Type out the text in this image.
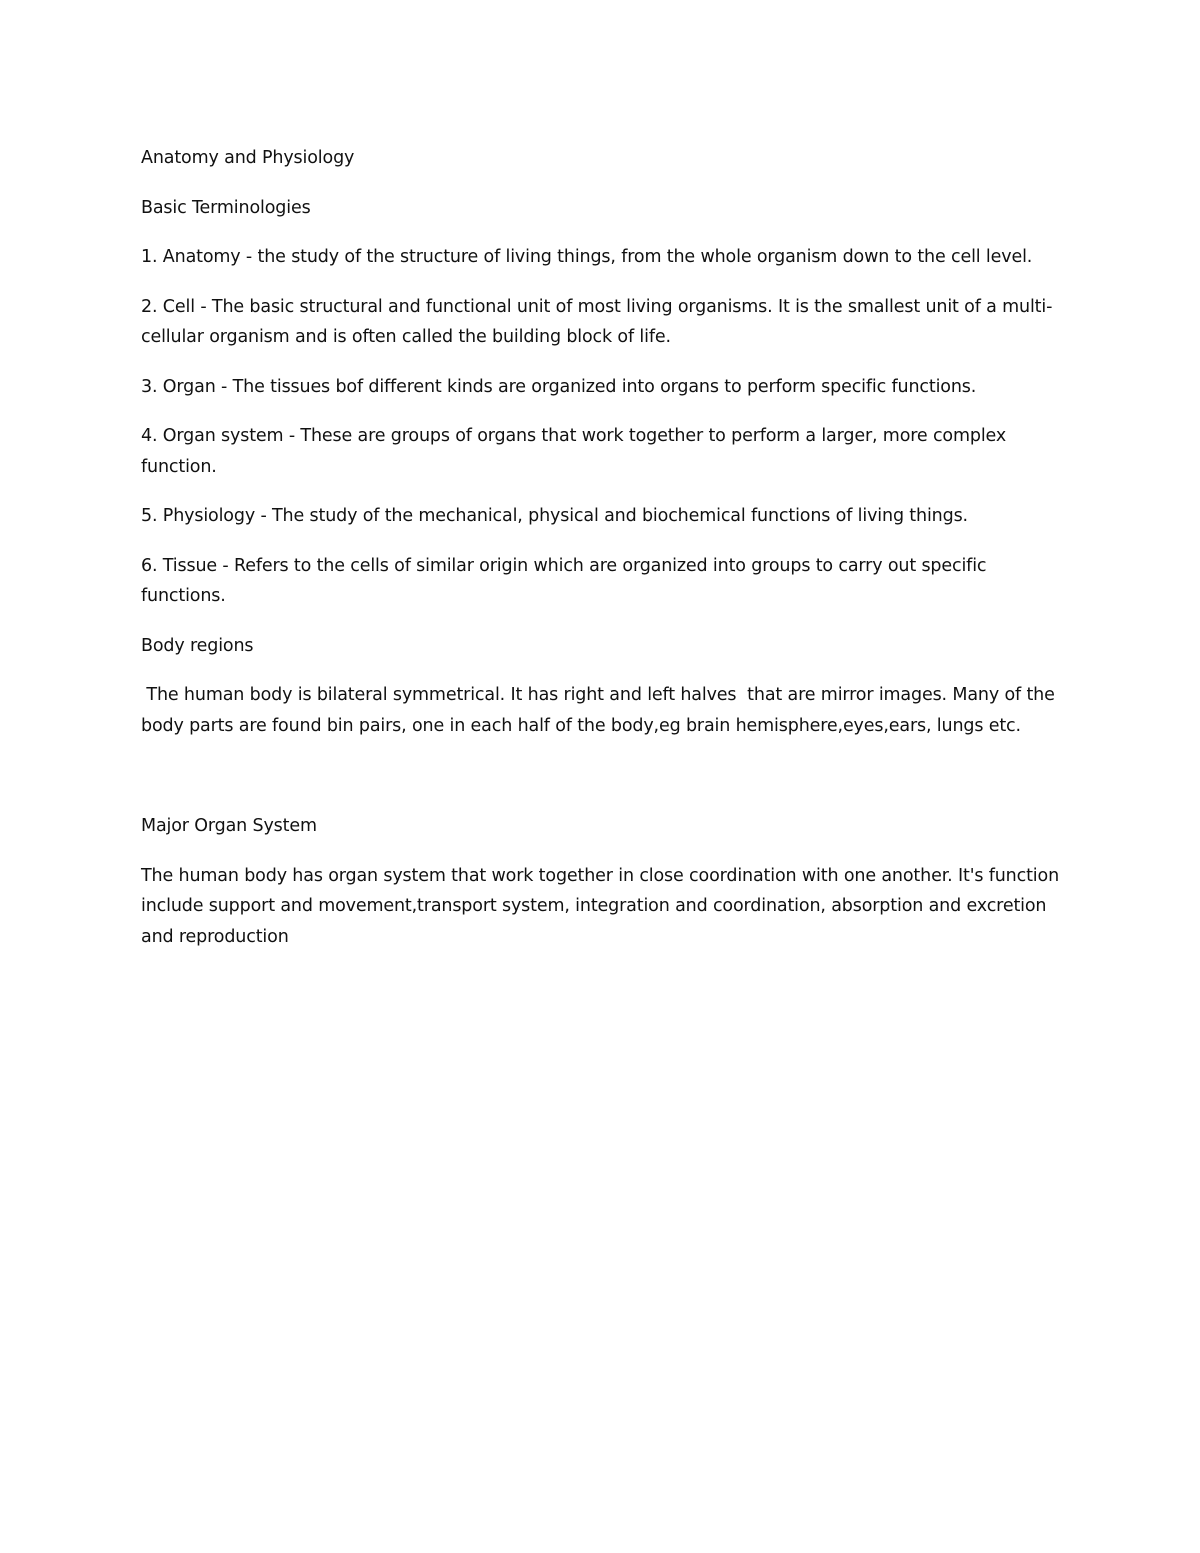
Anatomy and Physiology

Basic Terminologies

1. Anatomy - the study of the structure of living things, from the whole organism down to the cell level.

2. Cell - The basic structural and functional unit of most living organisms. It is the smallest unit of a multi-cellular organism and is often called the building block of life.

3. Organ - The tissues bof different kinds are organized into organs to perform specific functions.

4. Organ system - These are groups of organs that work together to perform a larger, more complex function.

5. Physiology - The study of the mechanical, physical and biochemical functions of living things.

6. Tissue - Refers to the cells of similar origin which are organized into groups to carry out specific functions.

Body regions

The human body is bilateral symmetrical. It has right and left halves  that are mirror images. Many of the body parts are found bin pairs, one in each half of the body,eg brain hemisphere,eyes,ears, lungs etc.

Major Organ System

The human body has organ system that work together in close coordination with one another. It's function include support and movement,transport system, integration and coordination, absorption and excretion and reproduction
